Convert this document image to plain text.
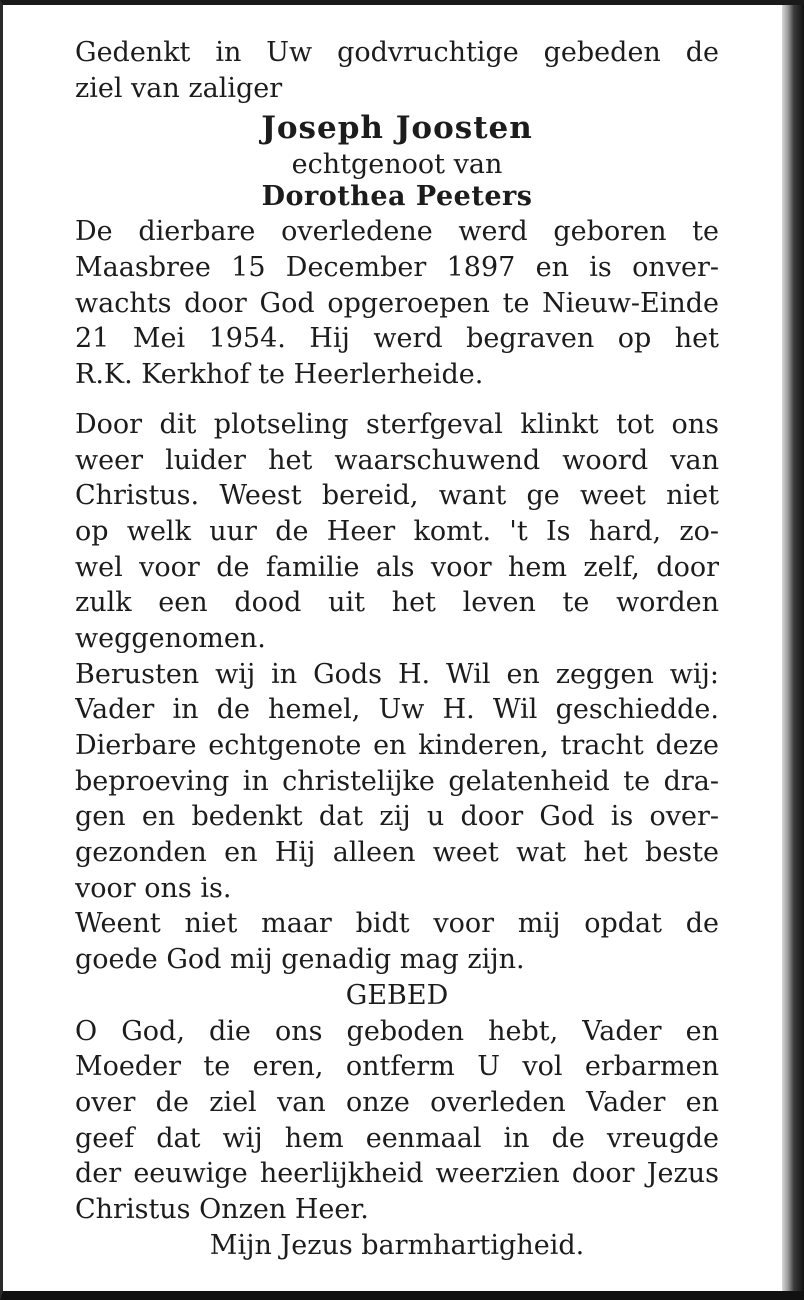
Gedenkt in Uw godvruchtige gebeden de
ziel van zaliger
Joseph Joosten
echtgenoot van
Dorothea Peeters
De dierbare overledene werd geboren te
Maasbree 15 December 1897 en is onver-
wachts door God opgeroepen te Nieuw-Einde
21 Mei 1954. Hij werd begraven op het
R.K. Kerkhof te Heerlerheide.
Door dit plotseling sterfgeval klinkt tot ons
weer luider het waarschuwend woord van
Christus. Weest bereid, want ge weet niet
op welk uur de Heer komt. 't Is hard, zo-
wel voor de familie als voor hem zelf, door
zulk een dood uit het leven te worden
weggenomen.
Berusten wij in Gods H. Wil en zeggen wij:
Vader in de hemel, Uw H. Wil geschiedde.
Dierbare echtgenote en kinderen, tracht deze
beproeving in christelijke gelatenheid te dra-
gen en bedenkt dat zij u door God is over-
gezonden en Hij alleen weet wat het beste
voor ons is.
Weent niet maar bidt voor mij opdat de
goede God mij genadig mag zijn.
GEBED
O God, die ons geboden hebt, Vader en
Moeder te eren, ontferm U vol erbarmen
over de ziel van onze overleden Vader en
geef dat wij hem eenmaal in de vreugde
der eeuwige heerlijkheid weerzien door Jezus
Christus Onzen Heer.
Mijn Jezus barmhartigheid.
